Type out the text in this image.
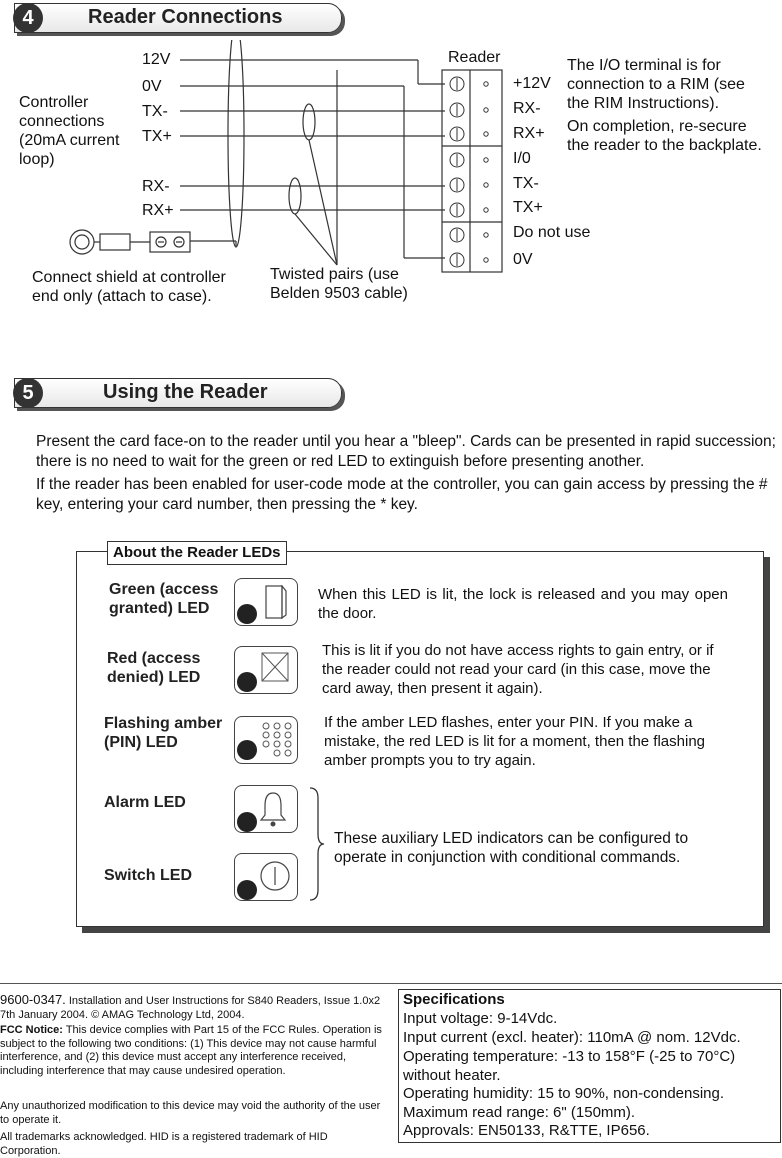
4	Reader Connections
Controller
connections
(20mA current
loop)
12V
0V
TX-
TX+
RX-
RX+
Reader
+12V
RX-
RX+
I/0
TX-
TX+
Do not use
0V
The I/O terminal is for
connection to a RIM (see
the RIM Instructions).
On completion, re-secure
the reader to the backplate.
Connect shield at controller
end only (attach to case).
Twisted pairs (use
Belden 9503 cable)
5	Using the Reader
Present the card face-on to the reader until you hear a "bleep". Cards can be presented in rapid succession; there is no need to wait for the green or red LED to extinguish before presenting another.
If the reader has been enabled for user-code mode at the controller, you can gain access by pressing the # key, entering your card number, then pressing the * key.
About the Reader LEDs
Green (access granted) LED
When this LED is lit, the lock is released and you may open the door.
Red (access denied) LED
This is lit if you do not have access rights to gain entry, or if the reader could not read your card (in this case, move the card away, then present it again).
Flashing amber (PIN) LED
If the amber LED flashes, enter your PIN. If you make a mistake, the red LED is lit for a moment, then the flashing amber prompts you to try again.
Alarm LED
Switch LED
These auxiliary LED indicators can be configured to operate in conjunction with conditional commands.
9600-0347. Installation and User Instructions for S840 Readers, Issue 1.0x2 7th January 2004. © AMAG Technology Ltd, 2004.
FCC Notice: This device complies with Part 15 of the FCC Rules. Operation is subject to the following two conditions: (1) This device may not cause harmful interference, and (2) this device must accept any interference received, including interference that may cause undesired operation.
Any unauthorized modification to this device may void the authority of the user to operate it.
All trademarks acknowledged. HID is a registered trademark of HID Corporation.
Specifications
Input voltage: 9-14Vdc.
Input current (excl. heater): 110mA @ nom. 12Vdc.
Operating temperature: -13 to 158°F (-25 to 70°C) without heater.
Operating humidity: 15 to 90%, non-condensing.
Maximum read range: 6" (150mm).
Approvals: EN50133, R&TTE, IP656.
